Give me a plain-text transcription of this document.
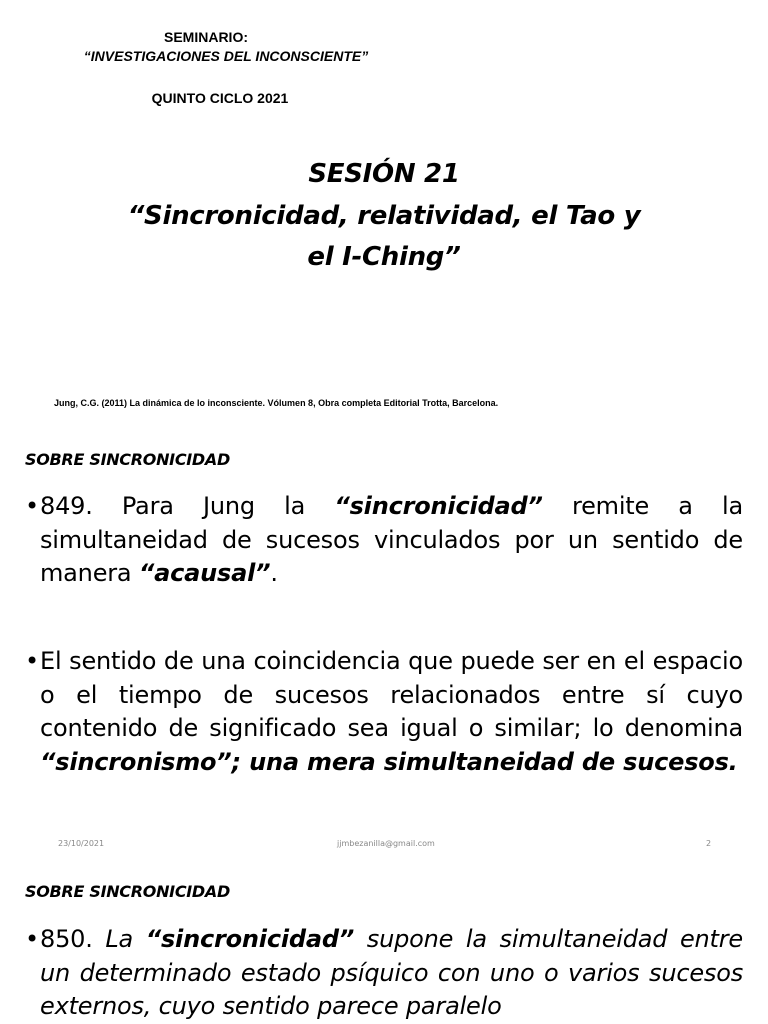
SEMINARIO:
“INVESTIGACIONES DEL INCONSCIENTE”
QUINTO CICLO 2021
SESIÓN 21
“Sincronicidad, relatividad, el Tao y
el I-Ching”
Jung, C.G. (2011) La dinámica de lo inconsciente. Vólumen 8, Obra completa Editorial Trotta, Barcelona.
SOBRE SINCRONICIDAD
• 849. Para Jung la “sincronicidad” remite a la simultaneidad de sucesos vinculados por un sentido de manera “acausal”.
• El sentido de una coincidencia que puede ser en el espacio o el tiempo de sucesos relacionados entre sí cuyo contenido de significado sea igual o similar; lo denomina “sincronismo”; una mera simultaneidad de sucesos.
23/10/2021	jjmbezanilla@gmail.com	2
SOBRE SINCRONICIDAD
• 850. La “sincronicidad” supone la simultaneidad entre un determinado estado psíquico con uno o varios sucesos externos, cuyo sentido parece paralelo
